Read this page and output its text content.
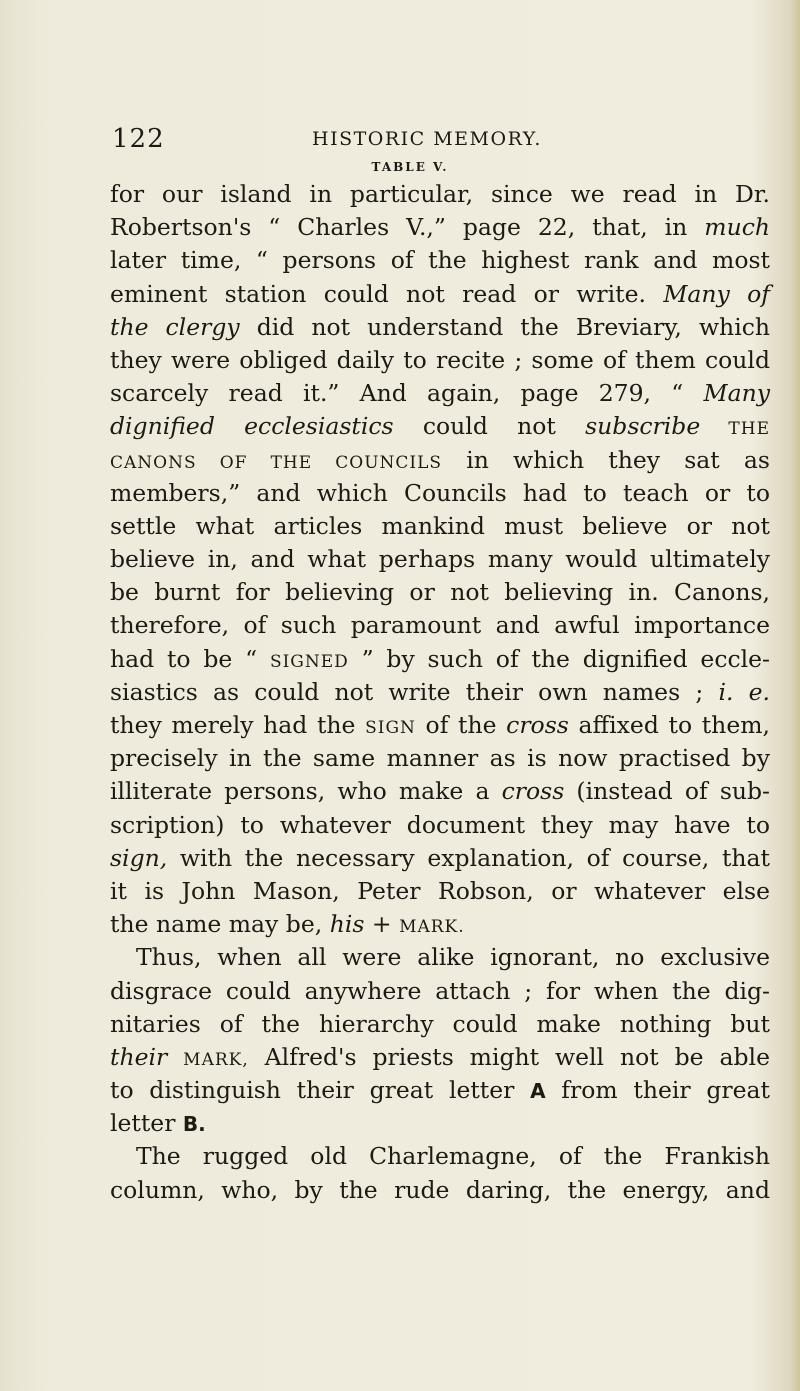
122	HISTORIC MEMORY.
TABLE V.
for our island in particular, since we read in Dr.
Robertson's “ Charles V.,” page 22, that, in much
later time, “ persons of the highest rank and most
eminent station could not read or write. Many of
the clergy did not understand the Breviary, which
they were obliged daily to recite ; some of them could
scarcely read it.” And again, page 279, “ Many
dignified ecclesiastics could not subscribe THE
CANONS OF THE COUNCILS in which they sat as
members,” and which Councils had to teach or to
settle what articles mankind must believe or not
believe in, and what perhaps many would ultimately
be burnt for believing or not believing in. Canons,
therefore, of such paramount and awful importance
had to be “ SIGNED ” by such of the dignified eccle-
siastics as could not write their own names ; i. e.
they merely had the SIGN of the cross affixed to them,
precisely in the same manner as is now practised by
illiterate persons, who make a cross (instead of sub-
scription) to whatever document they may have to
sign, with the necessary explanation, of course, that
it is John Mason, Peter Robson, or whatever else
the name may be, his + MARK.
Thus, when all were alike ignorant, no exclusive
disgrace could anywhere attach ; for when the dig-
nitaries of the hierarchy could make nothing but
their MARK, Alfred's priests might well not be able
to distinguish their great letter A from their great
letter B.
The rugged old Charlemagne, of the Frankish
column, who, by the rude daring, the energy, and
